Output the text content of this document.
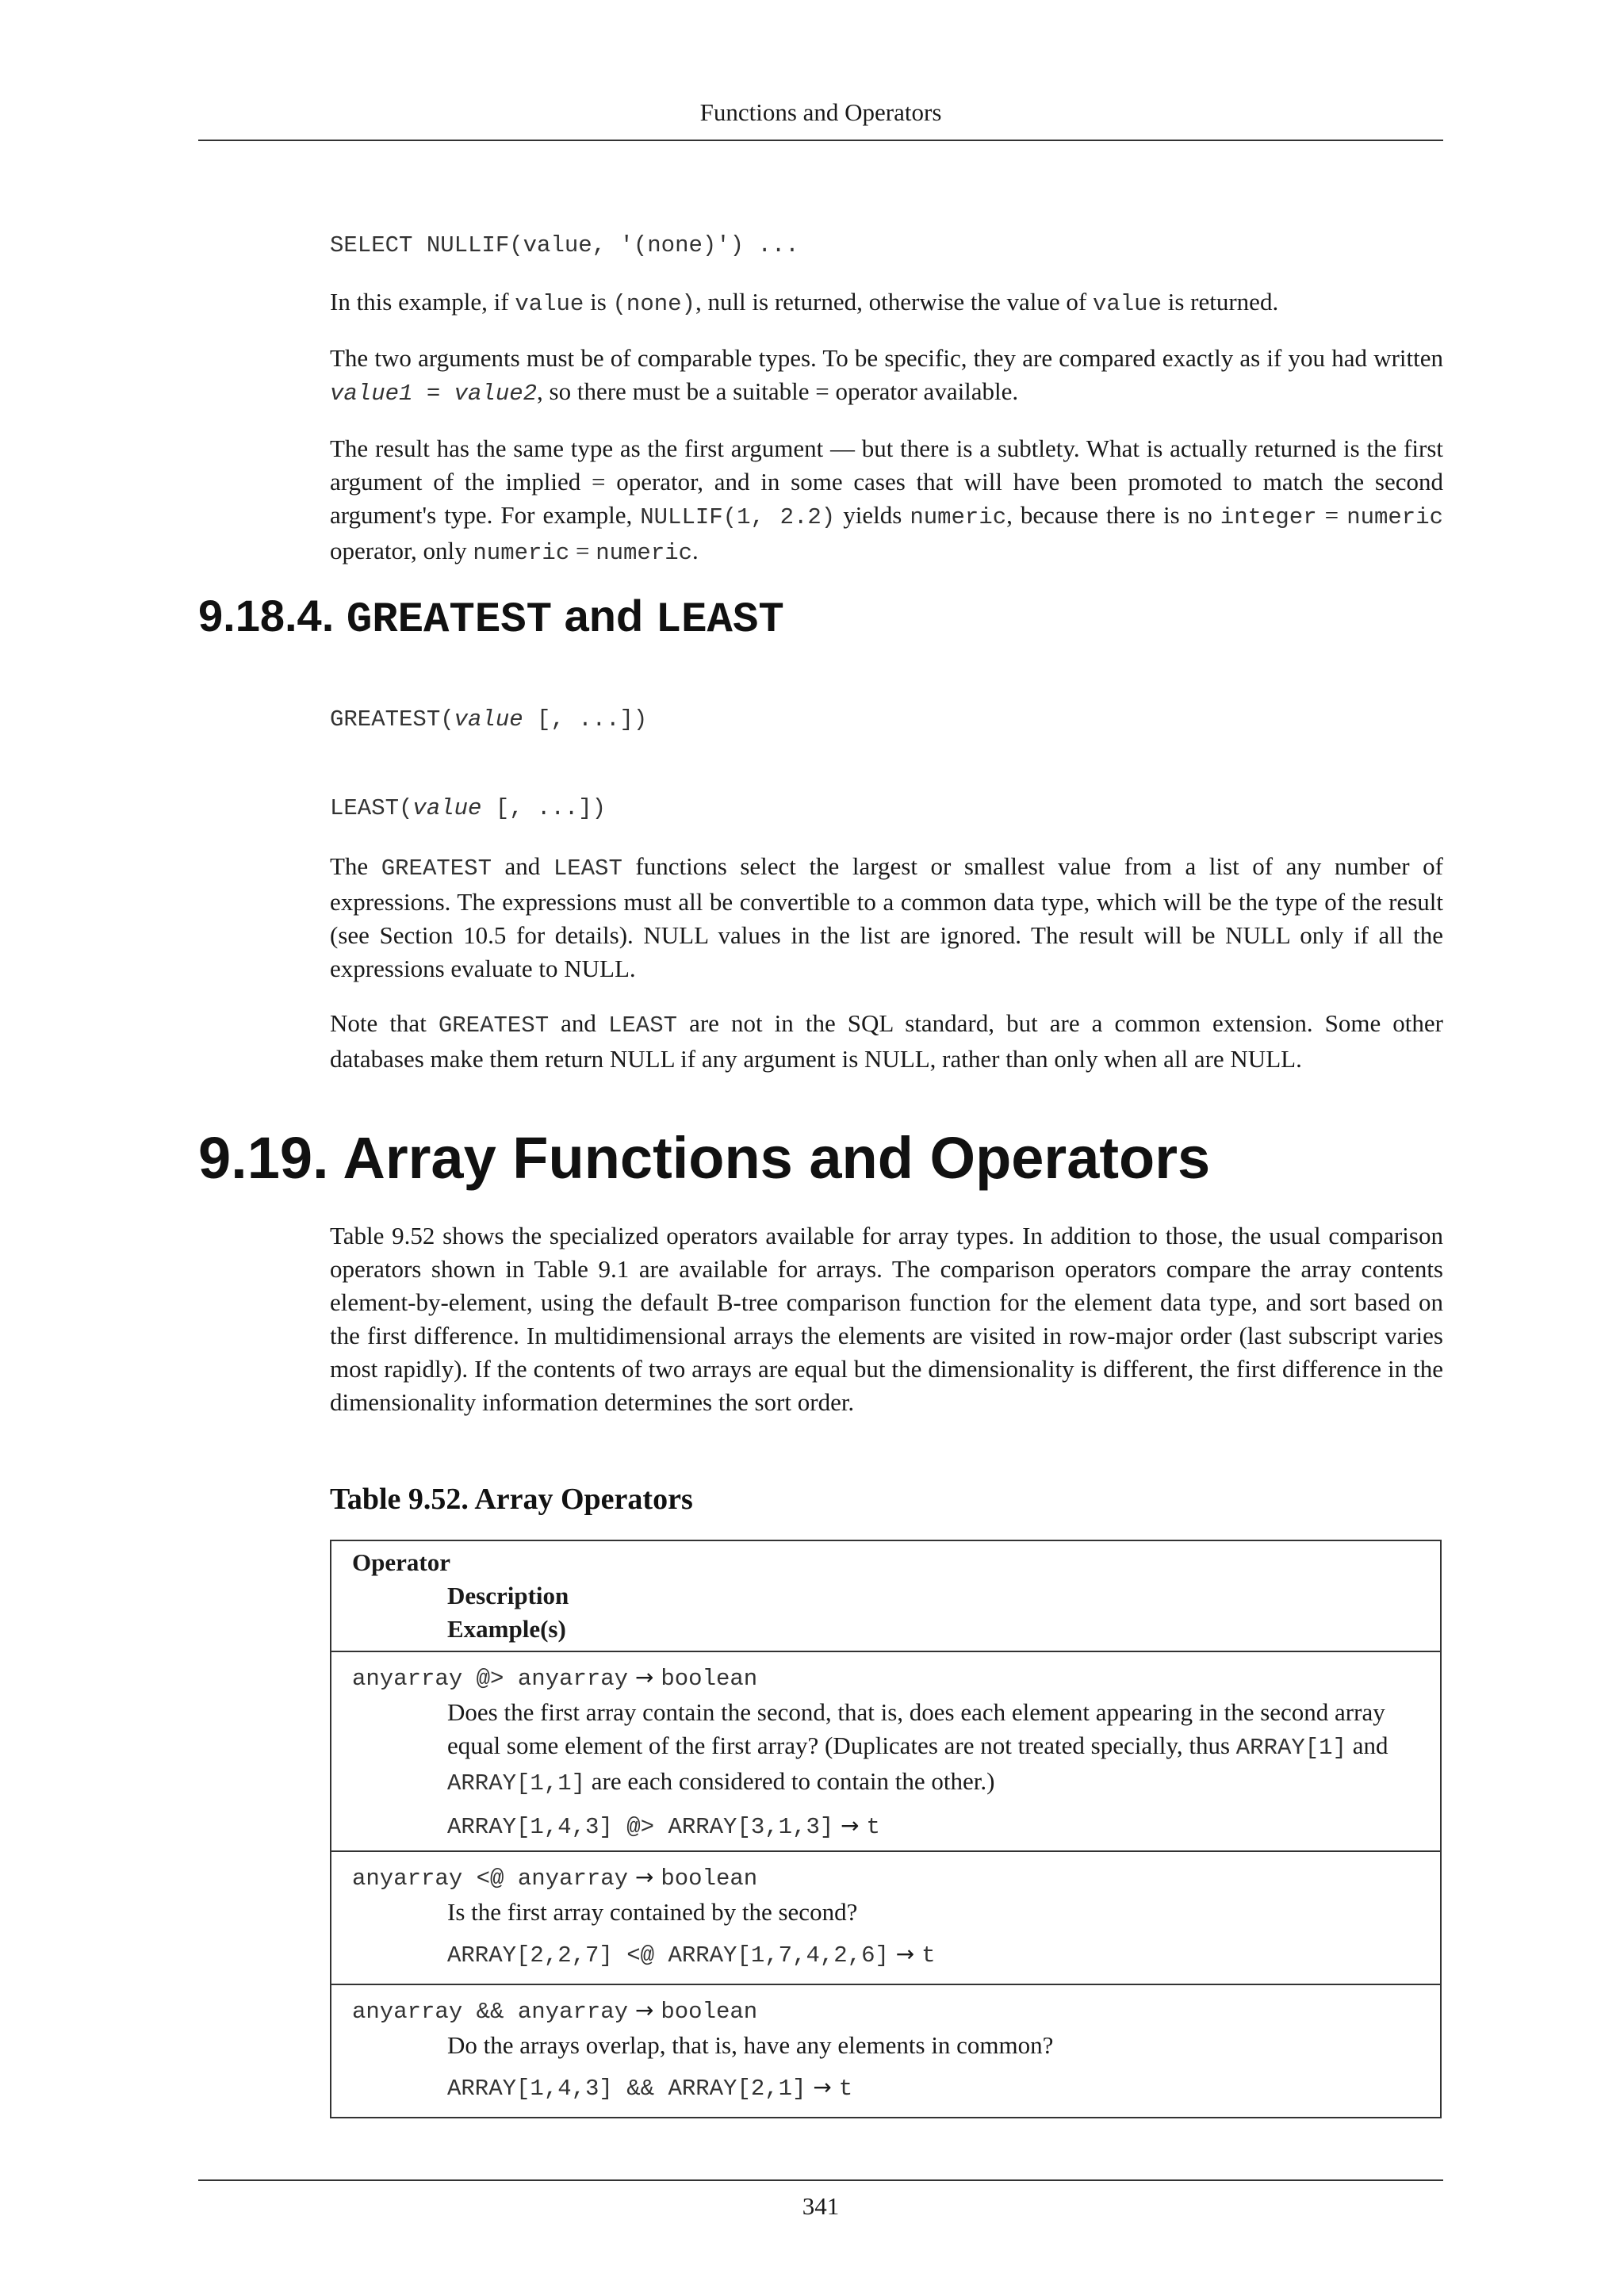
Functions and Operators
SELECT NULLIF(value, '(none)') ...
In this example, if value is (none), null is returned, otherwise the value of value is returned.
The two arguments must be of comparable types. To be specific, they are compared exactly as if you had written value1 = value2, so there must be a suitable = operator available.
The result has the same type as the first argument — but there is a subtlety. What is actually returned is the first argument of the implied = operator, and in some cases that will have been promoted to match the second argument's type. For example, NULLIF(1, 2.2) yields numeric, because there is no integer = numeric operator, only numeric = numeric.
9.18.4. GREATEST and LEAST
GREATEST(value [, ...])
LEAST(value [, ...])
The GREATEST and LEAST functions select the largest or smallest value from a list of any number of expressions. The expressions must all be convertible to a common data type, which will be the type of the result (see Section 10.5 for details). NULL values in the list are ignored. The result will be NULL only if all the expressions evaluate to NULL.
Note that GREATEST and LEAST are not in the SQL standard, but are a common extension. Some other databases make them return NULL if any argument is NULL, rather than only when all are NULL.
9.19. Array Functions and Operators
Table 9.52 shows the specialized operators available for array types. In addition to those, the usual comparison operators shown in Table 9.1 are available for arrays. The comparison operators compare the array contents element-by-element, using the default B-tree comparison function for the element data type, and sort based on the first difference. In multidimensional arrays the elements are visited in row-major order (last subscript varies most rapidly). If the contents of two arrays are equal but the dimensionality is different, the first difference in the dimensionality information determines the sort order.
Table 9.52. Array Operators
Operator
Description
Example(s)
anyarray @> anyarray → boolean
Does the first array contain the second, that is, does each element appearing in the second array equal some element of the first array? (Duplicates are not treated specially, thus ARRAY[1] and ARRAY[1,1] are each considered to contain the other.)
ARRAY[1,4,3] @> ARRAY[3,1,3] → t
anyarray <@ anyarray → boolean
Is the first array contained by the second?
ARRAY[2,2,7] <@ ARRAY[1,7,4,2,6] → t
anyarray && anyarray → boolean
Do the arrays overlap, that is, have any elements in common?
ARRAY[1,4,3] && ARRAY[2,1] → t
341
